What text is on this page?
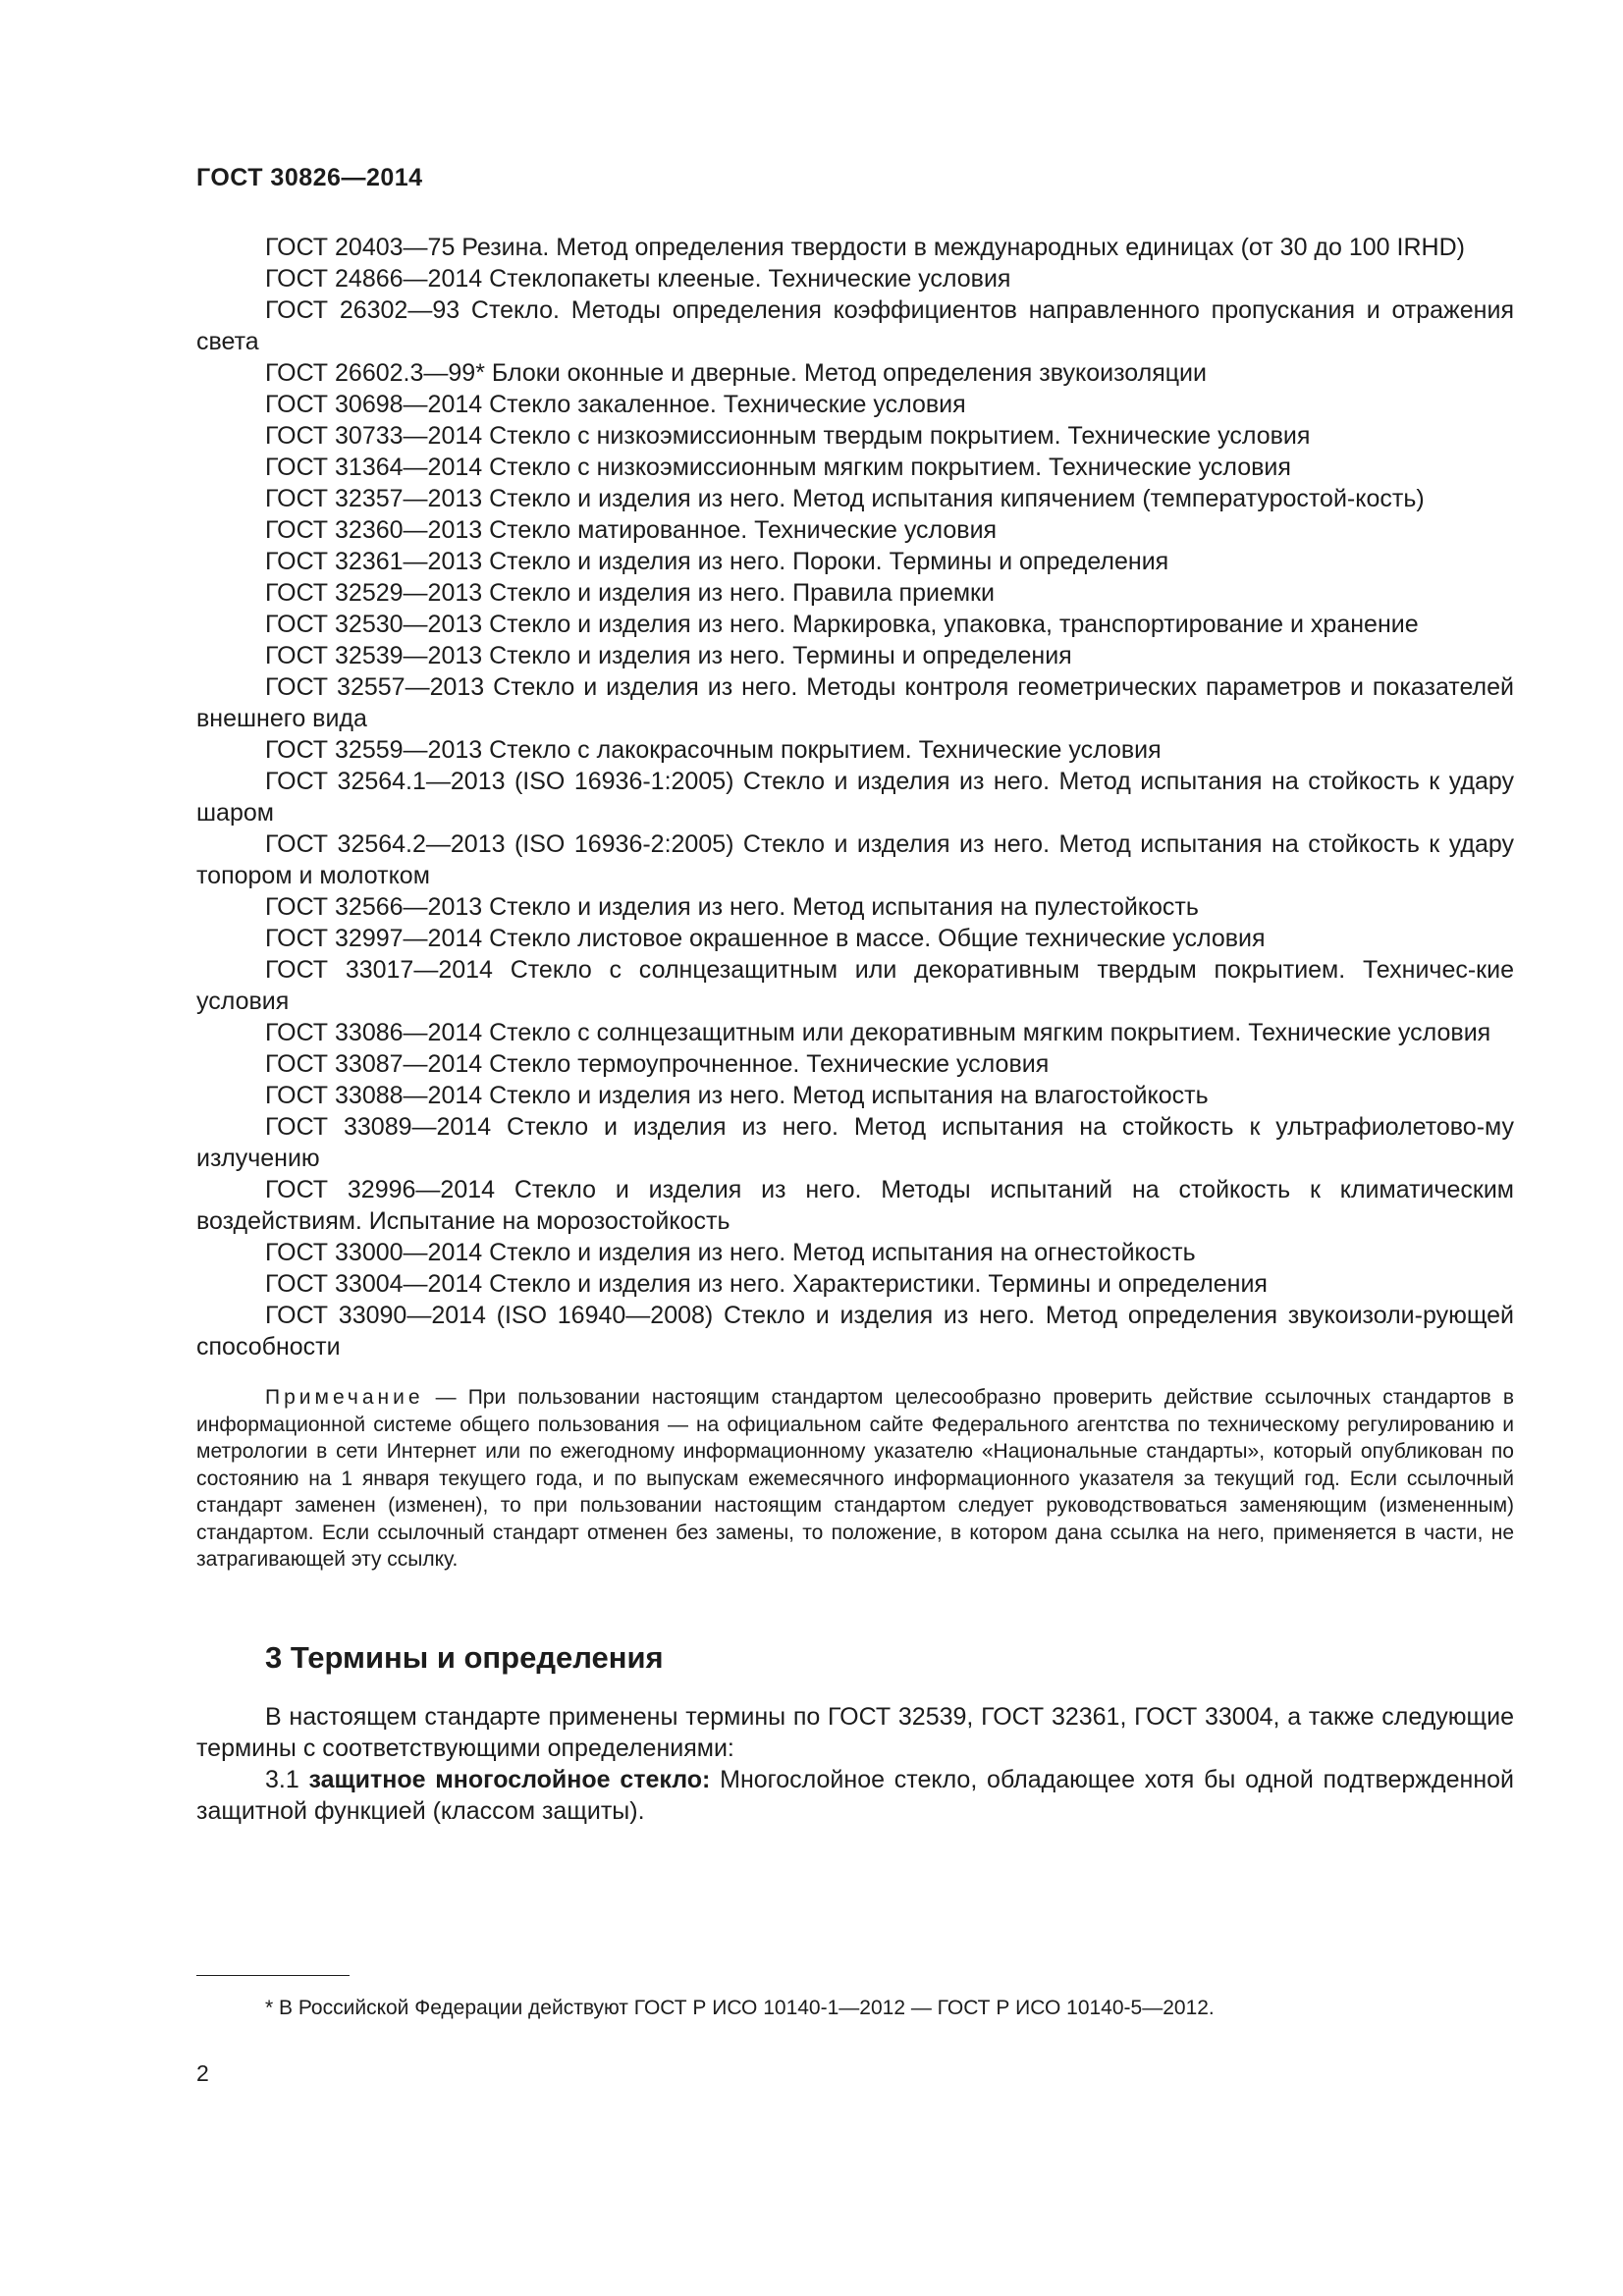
ГОСТ 30826—2014

ГОСТ 20403—75 Резина. Метод определения твердости в международных единицах (от 30 до 100 IRHD)

ГОСТ 24866—2014 Стеклопакеты клееные. Технические условия

ГОСТ 26302—93 Стекло. Методы определения коэффициентов направленного пропускания и отражения света

ГОСТ 26602.3—99* Блоки оконные и дверные. Метод определения звукоизоляции

ГОСТ 30698—2014 Стекло закаленное. Технические условия

ГОСТ 30733—2014 Стекло с низкоэмиссионным твердым покрытием. Технические условия

ГОСТ 31364—2014 Стекло с низкоэмиссионным мягким покрытием. Технические условия

ГОСТ 32357—2013 Стекло и изделия из него. Метод испытания кипячением (температуростой-кость)

ГОСТ 32360—2013 Стекло матированное. Технические условия

ГОСТ 32361—2013 Стекло и изделия из него. Пороки. Термины и определения

ГОСТ 32529—2013 Стекло и изделия из него. Правила приемки

ГОСТ 32530—2013 Стекло и изделия из него. Маркировка, упаковка, транспортирование и хранение

ГОСТ 32539—2013 Стекло и изделия из него. Термины и определения

ГОСТ 32557—2013 Стекло и изделия из него. Методы контроля геометрических параметров и показателей внешнего вида

ГОСТ 32559—2013 Стекло с лакокрасочным покрытием. Технические условия

ГОСТ 32564.1—2013 (ISO 16936-1:2005) Стекло и изделия из него. Метод испытания на стойкость к удару шаром

ГОСТ 32564.2—2013 (ISO 16936-2:2005) Стекло и изделия из него. Метод испытания на стойкость к удару топором и молотком

ГОСТ 32566—2013 Стекло и изделия из него. Метод испытания на пулестойкость

ГОСТ 32997—2014 Стекло листовое окрашенное в массе. Общие технические условия

ГОСТ 33017—2014 Стекло с солнцезащитным или декоративным твердым покрытием. Техничес-кие условия

ГОСТ 33086—2014 Стекло с солнцезащитным или декоративным мягким покрытием. Технические условия

ГОСТ 33087—2014 Стекло термоупрочненное. Технические условия

ГОСТ 33088—2014 Стекло и изделия из него. Метод испытания на влагостойкость

ГОСТ 33089—2014 Стекло и изделия из него. Метод испытания на стойкость к ультрафиолетово-му излучению

ГОСТ 32996—2014 Стекло и изделия из него. Методы испытаний на стойкость к климатическим воздействиям. Испытание на морозостойкость

ГОСТ 33000—2014 Стекло и изделия из него. Метод испытания на огнестойкость

ГОСТ 33004—2014 Стекло и изделия из него. Характеристики. Термины и определения

ГОСТ 33090—2014 (ISO 16940—2008) Стекло и изделия из него. Метод определения звукоизоли-рующей способности

Примечание — При пользовании настоящим стандартом целесообразно проверить действие ссылочных стандартов в информационной системе общего пользования — на официальном сайте Федерального агентства по техническому регулированию и метрологии в сети Интернет или по ежегодному информационному указателю «Национальные стандарты», который опубликован по состоянию на 1 января текущего года, и по выпускам ежемесячного информационного указателя за текущий год. Если ссылочный стандарт заменен (изменен), то при пользовании настоящим стандартом следует руководствоваться заменяющим (измененным) стандартом. Если ссылочный стандарт отменен без замены, то положение, в котором дана ссылка на него, применяется в части, не затрагивающей эту ссылку.

3 Термины и определения

В настоящем стандарте применены термины по ГОСТ 32539, ГОСТ 32361, ГОСТ 33004, а также следующие термины с соответствующими определениями:

3.1 защитное многослойное стекло: Многослойное стекло, обладающее хотя бы одной подтвержденной защитной функцией (классом защиты).

* В Российской Федерации действуют ГОСТ Р ИСО 10140-1—2012 — ГОСТ Р ИСО 10140-5—2012.
2
